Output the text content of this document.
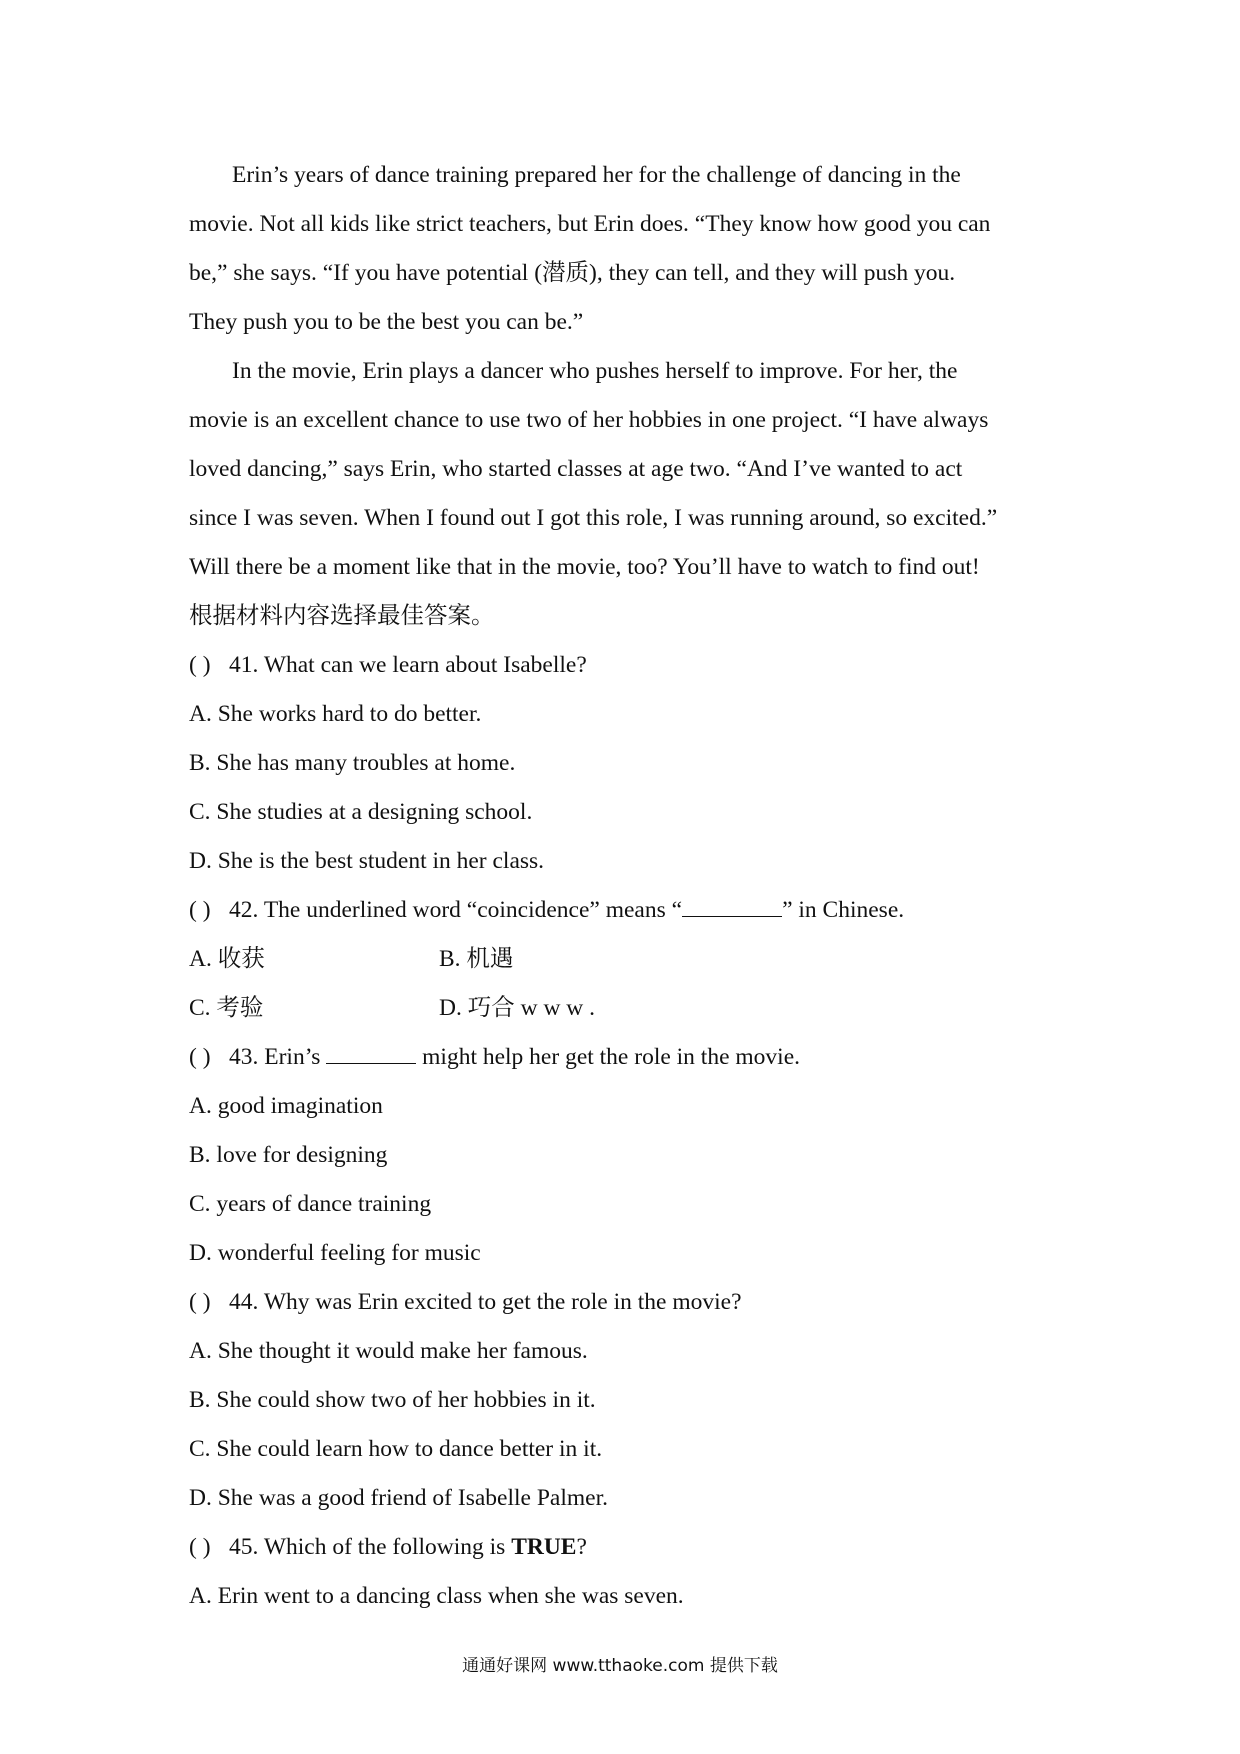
Erin’s years of dance training prepared her for the challenge of dancing in the
movie. Not all kids like strict teachers, but Erin does. “They know how good you can
be,” she says. “If you have potential (潜质), they can tell, and they will push you.
They push you to be the best you can be.”

In the movie, Erin plays a dancer who pushes herself to improve. For her, the
movie is an excellent chance to use two of her hobbies in one project. “I have always
loved dancing,” says Erin, who started classes at age two. “And I’ve wanted to act
since I was seven. When I found out I got this role, I was running around, so excited.”
Will there be a moment like that in the movie, too? You’ll have to watch to find out!

根据材料内容选择最佳答案。

( ) 41. What can we learn about Isabelle?

A. She works hard to do better.

B. She has many troubles at home.

C. She studies at a designing school.

D. She is the best student in her class.

( ) 42. The underlined word “coincidence” means “	” in Chinese.

A. 收获	B. 机遇
C. 考验	D. 巧合 w w w .

( ) 43. Erin’s	might help her get the role in the movie.

A. good imagination

B. love for designing

C. years of dance training

D. wonderful feeling for music

( ) 44. Why was Erin excited to get the role in the movie?

A. She thought it would make her famous.

B. She could show two of her hobbies in it.

C. She could learn how to dance better in it.

D. She was a good friend of Isabelle Palmer.

( ) 45. Which of the following is TRUE?

A. Erin went to a dancing class when she was seven.

通通好课网 www.tthaoke.com 提供下载
